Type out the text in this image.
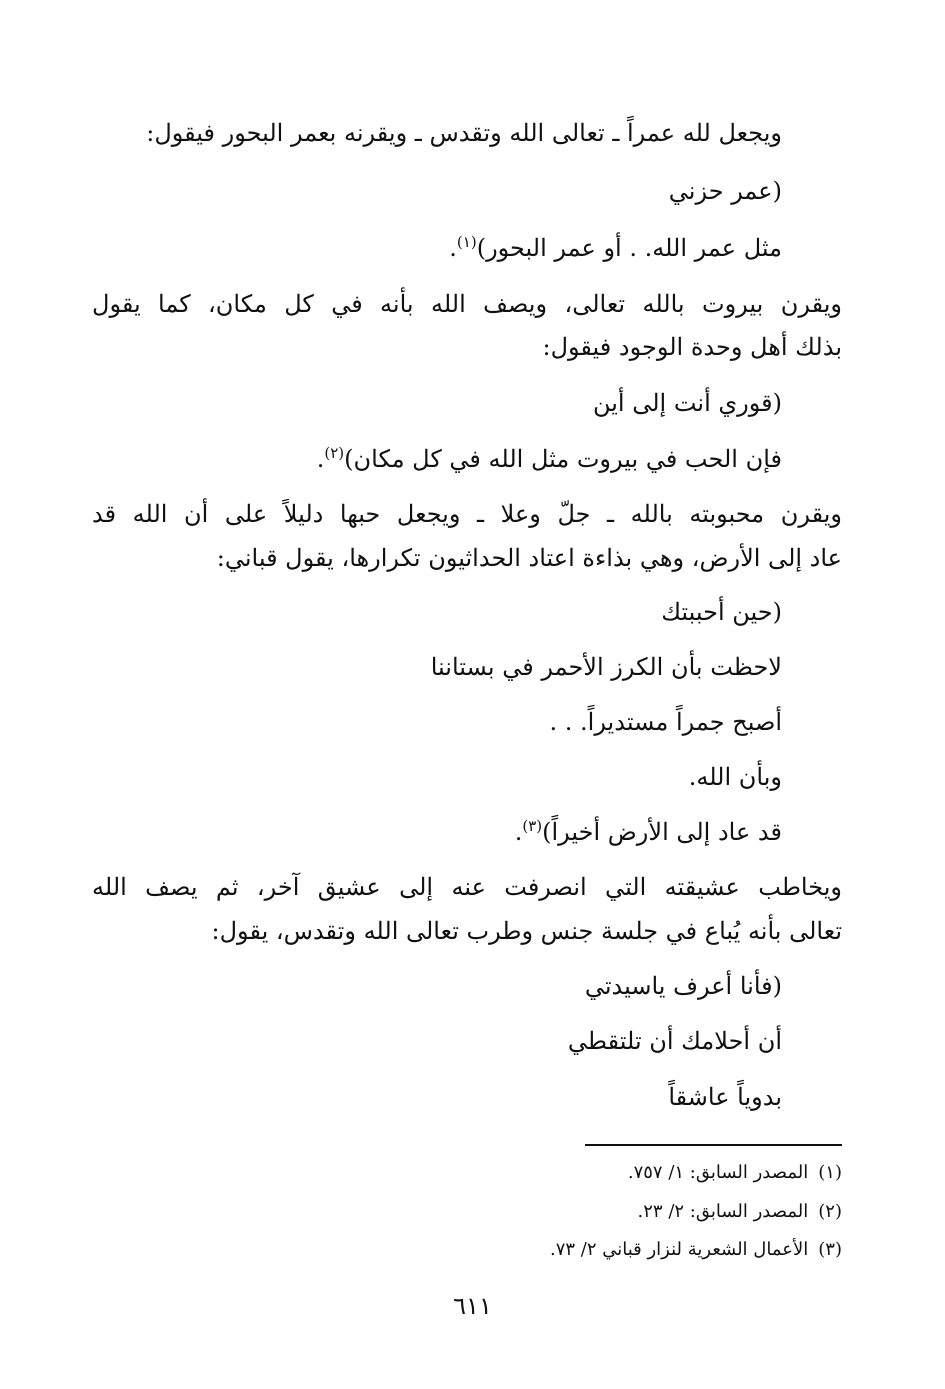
ويجعل لله عمراً ـ تعالى الله وتقدس ـ ويقرنه بعمر البحور فيقول:
(عمر حزني
مثل عمر الله. . أو عمر البحور)$^{(١)}$.
ويقرن بيروت بالله تعالى، ويصف الله بأنه في كل مكان، كما يقول
بذلك أهل وحدة الوجود فيقول:
(قوري أنت إلى أين
فإن الحب في بيروت مثل الله في كل مكان)$^{(٢)}$.
ويقرن محبوبته بالله ـ جلّ وعلا ـ ويجعل حبها دليلاً على أن الله قد
عاد إلى الأرض، وهي بذاءة اعتاد الحداثيون تكرارها، يقول قباني:
(حين أحببتك
لاحظت بأن الكرز الأحمر في بستاننا
أصبح جمراً مستديراً. . .
وبأن الله.
قد عاد إلى الأرض أخيراً)$^{(٣)}$.
ويخاطب عشيقته التي انصرفت عنه إلى عشيق آخر، ثم يصف الله
تعالى بأنه يُباع في جلسة جنس وطرب تعالى الله وتقدس، يقول:
(فأنا أعرف ياسيدتي
أن أحلامك أن تلتقطي
بدوياً عاشقاً
(١)المصدر السابق: ١/ ٧٥٧.
(٢)المصدر السابق: ٢/ ٢٣.
(٣)الأعمال الشعرية لنزار قباني ٢/ ٧٣.
٦١١
